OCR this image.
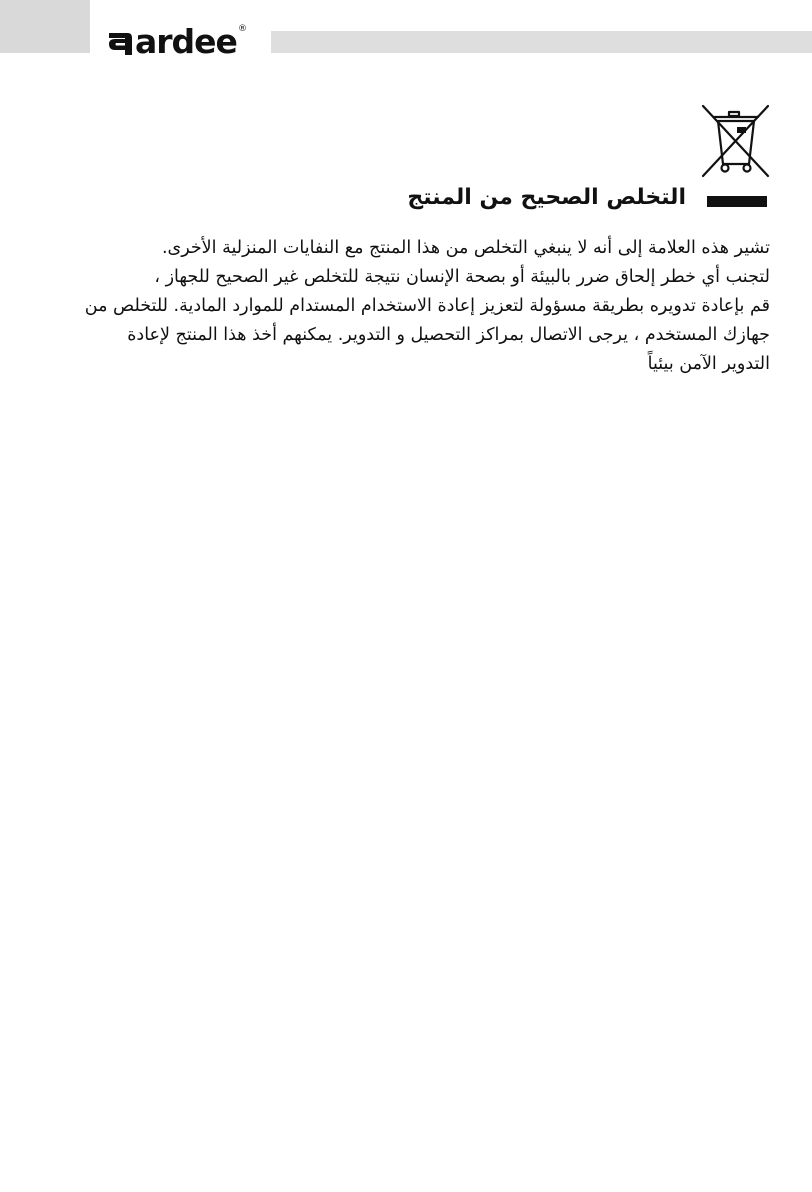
ardee ®
التخلص الصحيح من المنتج

تشير هذه العلامة إلى أنه لا ينبغي التخلص من هذا المنتج مع النفايات المنزلية الأخرى.

لتجنب أي خطر إلحاق ضرر بالبيئة أو بصحة الإنسان نتيجة للتخلص غير الصحيح للجهاز ،

قم بإعادة تدويره بطريقة مسؤولة لتعزيز إعادة الاستخدام المستدام للموارد المادية. للتخلص من

جهازك المستخدم ، يرجى الاتصال بمراكز التحصيل و التدوير. يمكنهم أخذ هذا المنتج لإعادة

التدوير الآمن بيئياً
